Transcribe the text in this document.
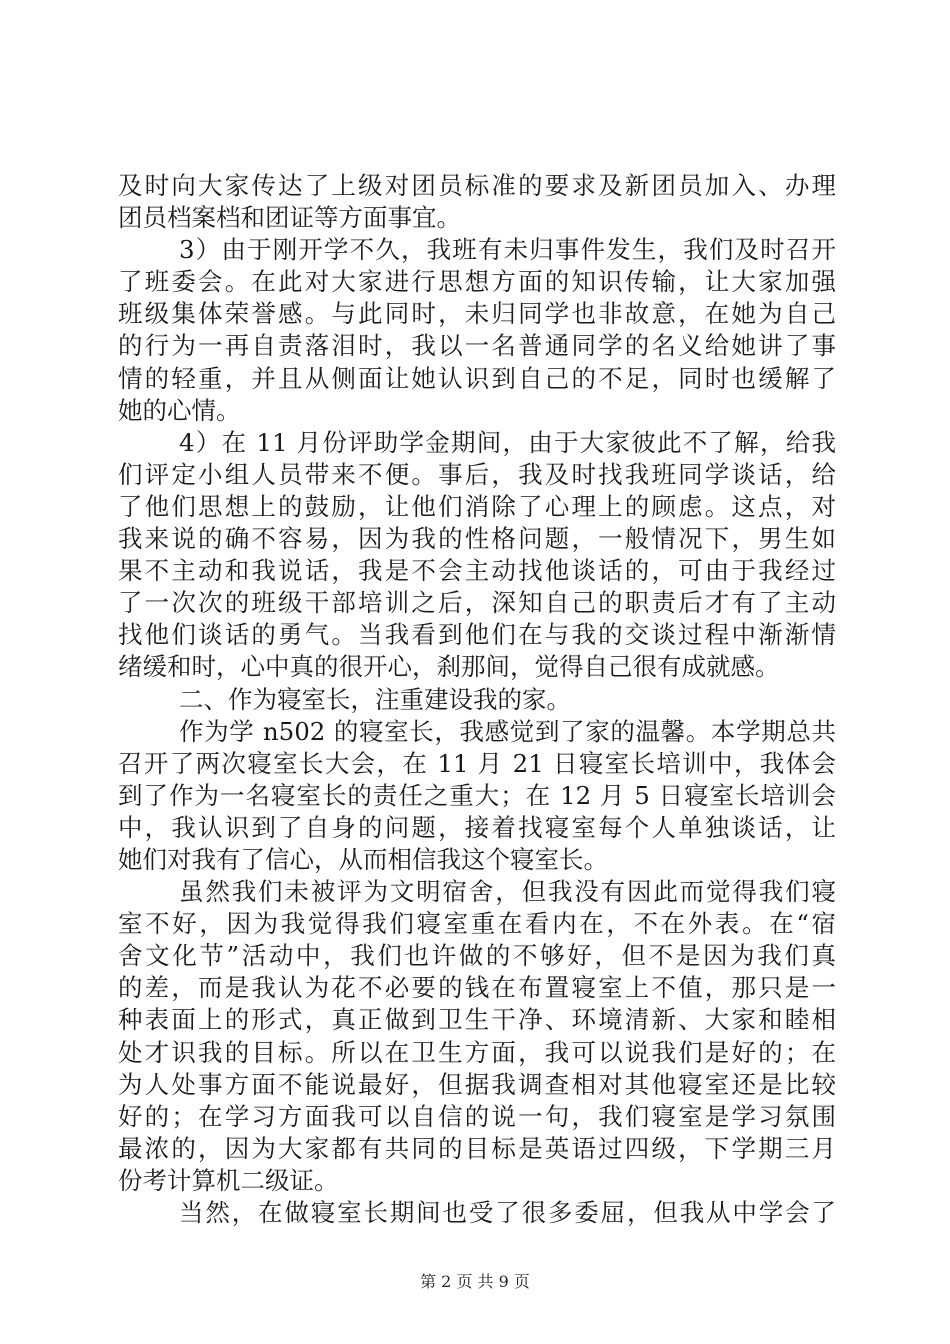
及时向大家传达了上级对团员标准的要求及新团员加入、办理
团员档案档和团证等方面事宜。
3）由于刚开学不久，我班有未归事件发生，我们及时召开
了班委会。在此对大家进行思想方面的知识传输，让大家加强
班级集体荣誉感。与此同时，未归同学也非故意，在她为自己
的行为一再自责落泪时，我以一名普通同学的名义给她讲了事
情的轻重，并且从侧面让她认识到自己的不足，同时也缓解了
她的心情。
4）在 11 月份评助学金期间，由于大家彼此不了解，给我
们评定小组人员带来不便。事后，我及时找我班同学谈话，给
了他们思想上的鼓励，让他们消除了心理上的顾虑。这点，对
我来说的确不容易，因为我的性格问题，一般情况下，男生如
果不主动和我说话，我是不会主动找他谈话的，可由于我经过
了一次次的班级干部培训之后，深知自己的职责后才有了主动
找他们谈话的勇气。当我看到他们在与我的交谈过程中渐渐情
绪缓和时，心中真的很开心，刹那间，觉得自己很有成就感。
二、作为寝室长，注重建设我的家。
作为学 n502 的寝室长，我感觉到了家的温馨。本学期总共
召开了两次寝室长大会，在 11 月 21 日寝室长培训中，我体会
到了作为一名寝室长的责任之重大；在 12 月 5 日寝室长培训会
中，我认识到了自身的问题，接着找寝室每个人单独谈话，让
她们对我有了信心，从而相信我这个寝室长。
虽然我们未被评为文明宿舍，但我没有因此而觉得我们寝
室不好，因为我觉得我们寝室重在看内在，不在外表。在“宿
舍文化节”活动中，我们也许做的不够好，但不是因为我们真
的差，而是我认为花不必要的钱在布置寝室上不值，那只是一
种表面上的形式，真正做到卫生干净、环境清新、大家和睦相
处才识我的目标。所以在卫生方面，我可以说我们是好的；在
为人处事方面不能说最好，但据我调查相对其他寝室还是比较
好的；在学习方面我可以自信的说一句，我们寝室是学习氛围
最浓的，因为大家都有共同的目标是英语过四级，下学期三月
份考计算机二级证。
当然，在做寝室长期间也受了很多委屈，但我从中学会了
第 2 页 共 9 页
